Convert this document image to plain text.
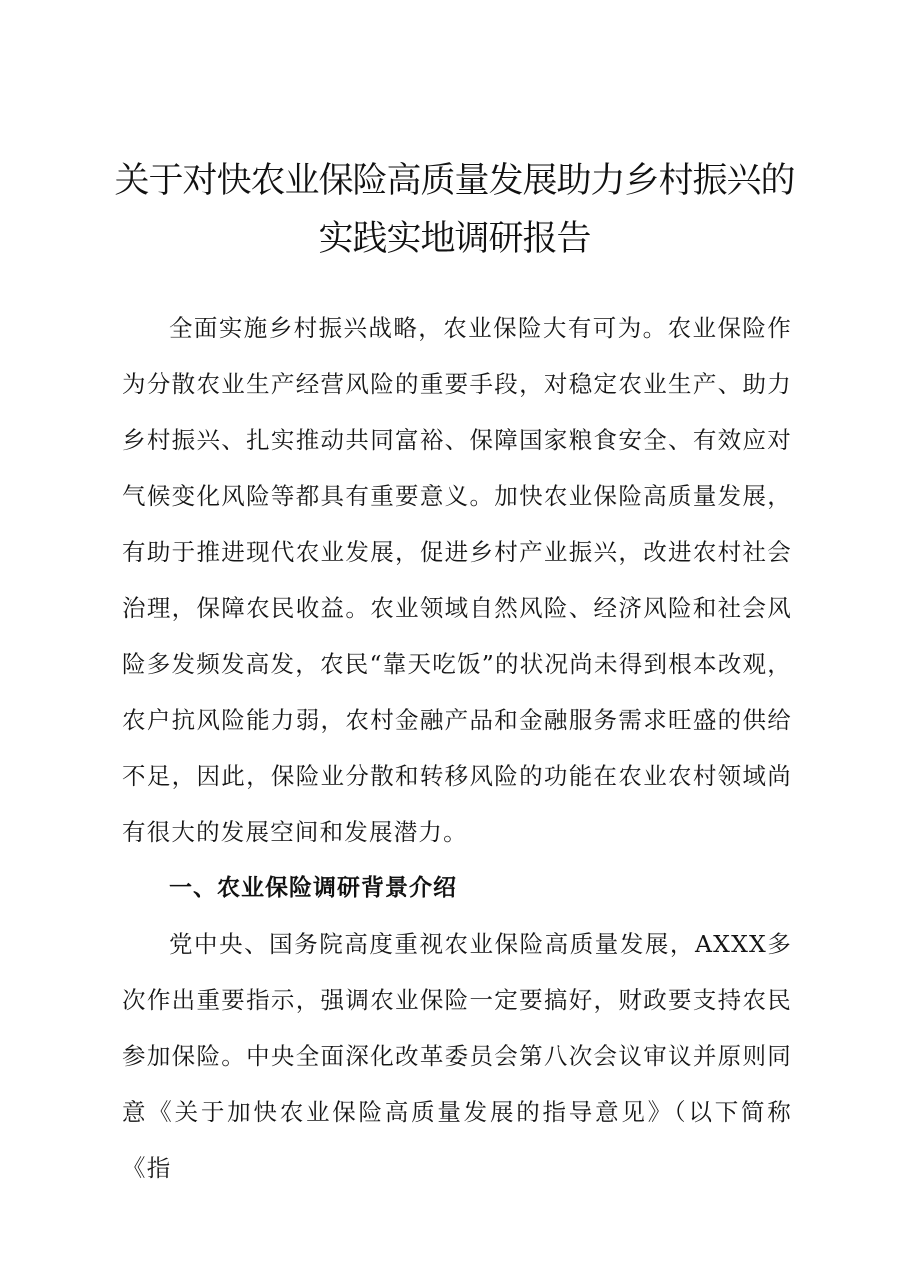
关于对快农业保险高质量发展助力乡村振兴的
实践实地调研报告

全面实施乡村振兴战略，农业保险大有可为。农业保险作为分散农业生产经营风险的重要手段，对稳定农业生产、助力乡村振兴、扎实推动共同富裕、保障国家粮食安全、有效应对气候变化风险等都具有重要意义。加快农业保险高质量发展，有助于推进现代农业发展，促进乡村产业振兴，改进农村社会治理，保障农民收益。农业领域自然风险、经济风险和社会风险多发频发高发，农民“靠天吃饭”的状况尚未得到根本改观，农户抗风险能力弱，农村金融产品和金融服务需求旺盛的供给不足，因此，保险业分散和转移风险的功能在农业农村领域尚有很大的发展空间和发展潜力。

一、农业保险调研背景介绍

党中央、国务院高度重视农业保险高质量发展，AXXX多次作出重要指示，强调农业保险一定要搞好，财政要支持农民参加保险。中央全面深化改革委员会第八次会议审议并原则同意《关于加快农业保险高质量发展的指导意见》（以下简称《指
